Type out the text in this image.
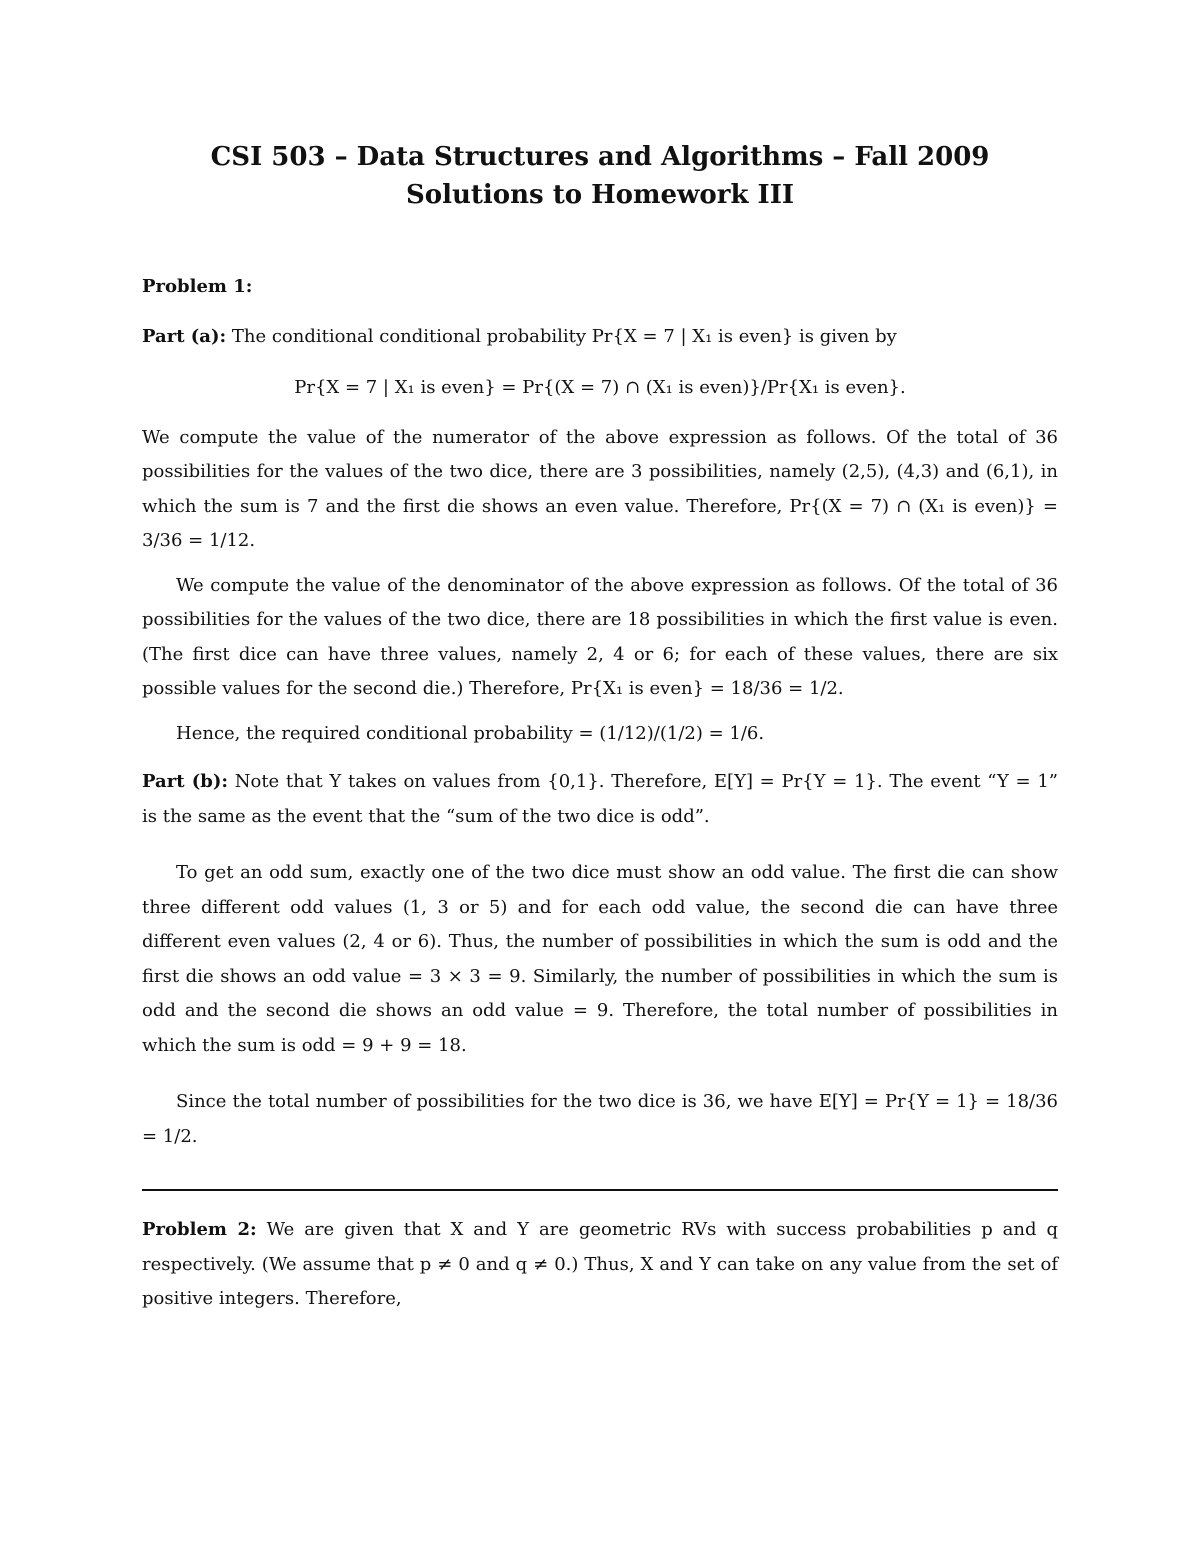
CSI 503 – Data Structures and Algorithms – Fall 2009
Solutions to Homework III
Problem 1:

Part (a): The conditional conditional probability Pr{X = 7 | X₁ is even} is given by

Pr{X = 7 | X₁ is even} = Pr{(X = 7) ∩ (X₁ is even)}/Pr{X₁ is even}.

We compute the value of the numerator of the above expression as follows. Of the total of 36 possibilities for the values of the two dice, there are 3 possibilities, namely (2,5), (4,3) and (6,1), in which the sum is 7 and the first die shows an even value. Therefore, Pr{(X = 7) ∩ (X₁ is even)} = 3/36 = 1/12.

We compute the value of the denominator of the above expression as follows. Of the total of 36 possibilities for the values of the two dice, there are 18 possibilities in which the first value is even. (The first dice can have three values, namely 2, 4 or 6; for each of these values, there are six possible values for the second die.) Therefore, Pr{X₁ is even} = 18/36 = 1/2.

Hence, the required conditional probability = (1/12)/(1/2) = 1/6.

Part (b): Note that Y takes on values from {0,1}. Therefore, E[Y] = Pr{Y = 1}. The event “Y = 1” is the same as the event that the “sum of the two dice is odd”.

To get an odd sum, exactly one of the two dice must show an odd value. The first die can show three different odd values (1, 3 or 5) and for each odd value, the second die can have three different even values (2, 4 or 6). Thus, the number of possibilities in which the sum is odd and the first die shows an odd value = 3 × 3 = 9. Similarly, the number of possibilities in which the sum is odd and the second die shows an odd value = 9. Therefore, the total number of possibilities in which the sum is odd = 9 + 9 = 18.

Since the total number of possibilities for the two dice is 36, we have E[Y] = Pr{Y = 1} = 18/36 = 1/2.

Problem 2: We are given that X and Y are geometric RVs with success probabilities p and q respectively. (We assume that p ≠ 0 and q ≠ 0.) Thus, X and Y can take on any value from the set of positive integers. Therefore,
